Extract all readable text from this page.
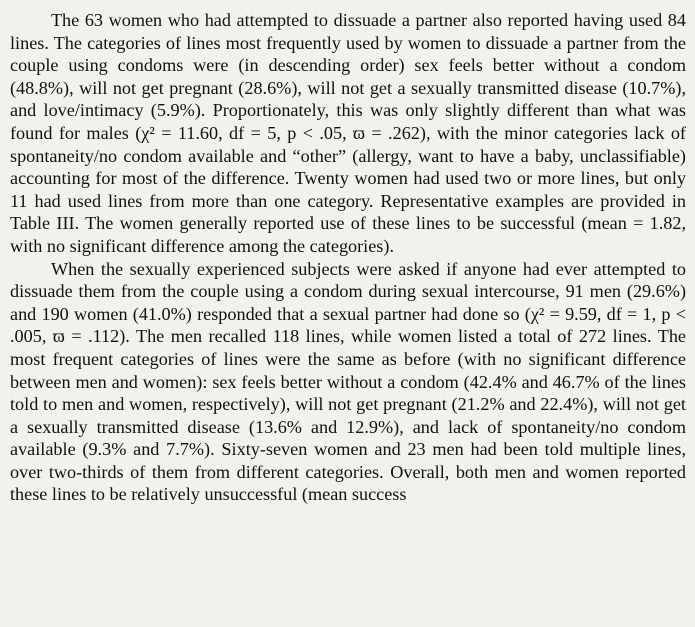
The 63 women who had attempted to dissuade a partner also reported having used 84 lines. The categories of lines most frequently used by women to dissuade a partner from the couple using condoms were (in descending order) sex feels better without a condom (48.8%), will not get pregnant (28.6%), will not get a sexually transmitted disease (10.7%), and love/intimacy (5.9%). Proportionately, this was only slightly different than what was found for males (χ² = 11.60, df = 5, p < .05, ϖ = .262), with the minor categories lack of spontaneity/no condom available and “other” (allergy, want to have a baby, unclassifiable) accounting for most of the difference. Twenty women had used two or more lines, but only 11 had used lines from more than one category. Representative examples are provided in Table III. The women generally reported use of these lines to be successful (mean = 1.82, with no significant difference among the categories).

When the sexually experienced subjects were asked if anyone had ever attempted to dissuade them from the couple using a condom during sexual intercourse, 91 men (29.6%) and 190 women (41.0%) responded that a sexual partner had done so (χ² = 9.59, df = 1, p < .005, ϖ = .112). The men recalled 118 lines, while women listed a total of 272 lines. The most frequent categories of lines were the same as before (with no significant difference between men and women): sex feels better without a condom (42.4% and 46.7% of the lines told to men and women, respectively), will not get pregnant (21.2% and 22.4%), will not get a sexually transmitted disease (13.6% and 12.9%), and lack of spontaneity/no condom available (9.3% and 7.7%). Sixty-seven women and 23 men had been told multiple lines, over two-thirds of them from different categories. Overall, both men and women reported these lines to be relatively unsuccessful (mean success
